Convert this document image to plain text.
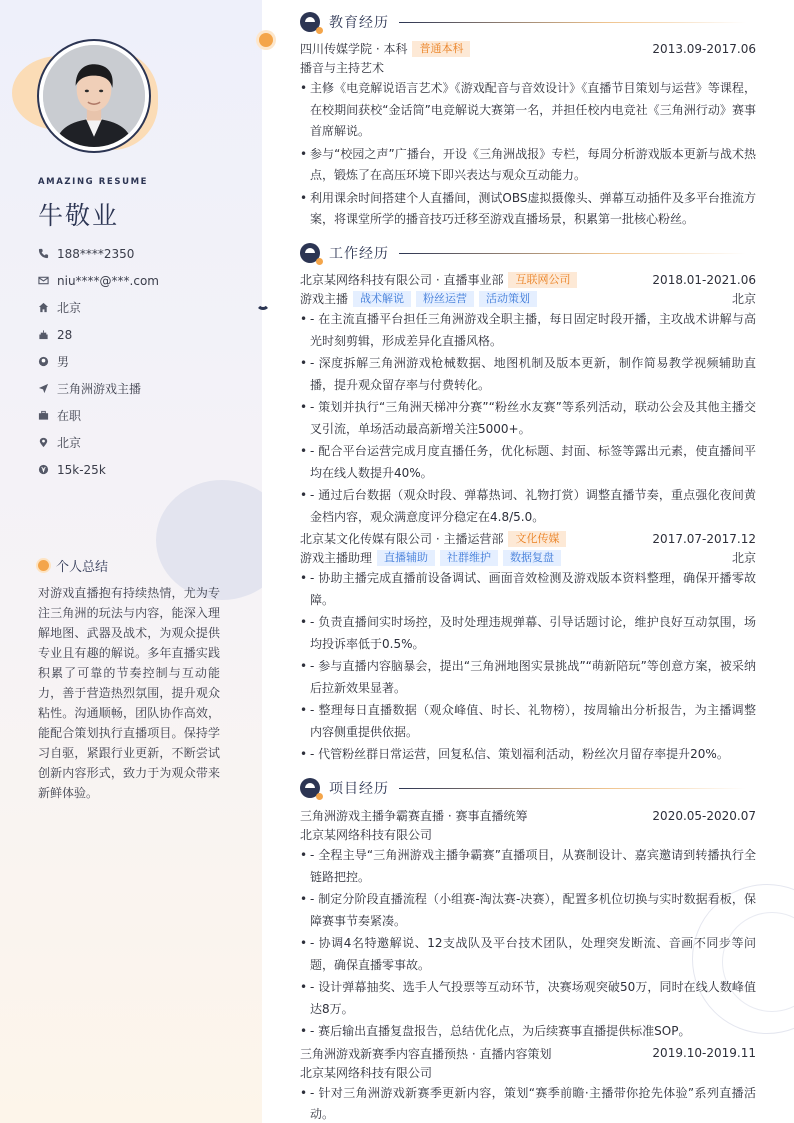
AMAZING RESUME
牛敬业
188****2350
niu****@***.com
北京
28
男
三角洲游戏主播
在职
北京
15k-25k
个人总结

对游戏直播抱有持续热情，尤为专注三角洲的玩法与内容，能深入理解地图、武器及战术，为观众提供专业且有趣的解说。多年直播实践积累了可靠的节奏控制与互动能力，善于营造热烈氛围，提升观众粘性。沟通顺畅，团队协作高效，能配合策划执行直播项目。保持学习自驱，紧跟行业更新，不断尝试创新内容形式，致力于为观众带来新鲜体验。

教育经历
四川传媒学院 · 本科	普通本科	2013.09-2017.06
播音与主持艺术
• 主修《电竞解说语言艺术》《游戏配音与音效设计》《直播节目策划与运营》等课程，在校期间获校“金话筒”电竞解说大赛第一名，并担任校内电竞社《三角洲行动》赛事首席解说。
• 参与“校园之声”广播台，开设《三角洲战报》专栏，每周分析游戏版本更新与战术热点，锻炼了在高压环境下即兴表达与观众互动能力。
• 利用课余时间搭建个人直播间，测试OBS虚拟摄像头、弹幕互动插件及多平台推流方案，将课堂所学的播音技巧迁移至游戏直播场景，积累第一批核心粉丝。
工作经历
北京某网络科技有限公司 · 直播事业部	互联网公司	2018.01-2021.06
游戏主播	战术解说	粉丝运营	活动策划	北京
• - 在主流直播平台担任三角洲游戏全职主播，每日固定时段开播，主攻战术讲解与高光时刻剪辑，形成差异化直播风格。
• - 深度拆解三角洲游戏枪械数据、地图机制及版本更新，制作简易教学视频辅助直播，提升观众留存率与付费转化。
• - 策划并执行“三角洲天梯冲分赛”“粉丝水友赛”等系列活动，联动公会及其他主播交叉引流，单场活动最高新增关注5000+。
• - 配合平台运营完成月度直播任务，优化标题、封面、标签等露出元素，使直播间平均在线人数提升40%。
• - 通过后台数据（观众时段、弹幕热词、礼物打赏）调整直播节奏，重点强化夜间黄金档内容，观众满意度评分稳定在4.8/5.0。
北京某文化传媒有限公司 · 主播运营部	文化传媒	2017.07-2017.12
游戏主播助理	直播辅助	社群维护	数据复盘	北京
• - 协助主播完成直播前设备调试、画面音效检测及游戏版本资料整理，确保开播零故障。
• - 负责直播间实时场控，及时处理违规弹幕、引导话题讨论，维护良好互动氛围，场均投诉率低于0.5%。
• - 参与直播内容脑暴会，提出“三角洲地图实景挑战”“萌新陪玩”等创意方案，被采纳后拉新效果显著。
• - 整理每日直播数据（观众峰值、时长、礼物榜），按周输出分析报告，为主播调整内容侧重提供依据。
• - 代管粉丝群日常运营，回复私信、策划福利活动，粉丝次月留存率提升20%。
项目经历
三角洲游戏主播争霸赛直播 · 赛事直播统筹	2020.05-2020.07
北京某网络科技有限公司
• - 全程主导“三角洲游戏主播争霸赛”直播项目，从赛制设计、嘉宾邀请到转播执行全链路把控。
• - 制定分阶段直播流程（小组赛-淘汰赛-决赛），配置多机位切换与实时数据看板，保障赛事节奏紧凑。
• - 协调4名特邀解说、12支战队及平台技术团队，处理突发断流、音画不同步等问题，确保直播零事故。
• - 设计弹幕抽奖、选手人气投票等互动环节，决赛场观突破50万，同时在线人数峰值达8万。
• - 赛后输出直播复盘报告，总结优化点，为后续赛事直播提供标准SOP。
三角洲游戏新赛季内容直播预热 · 直播内容策划	2019.10-2019.11
北京某网络科技有限公司
• - 针对三角洲游戏新赛季更新内容，策划“赛季前瞻·主播带你抢先体验”系列直播活动。
